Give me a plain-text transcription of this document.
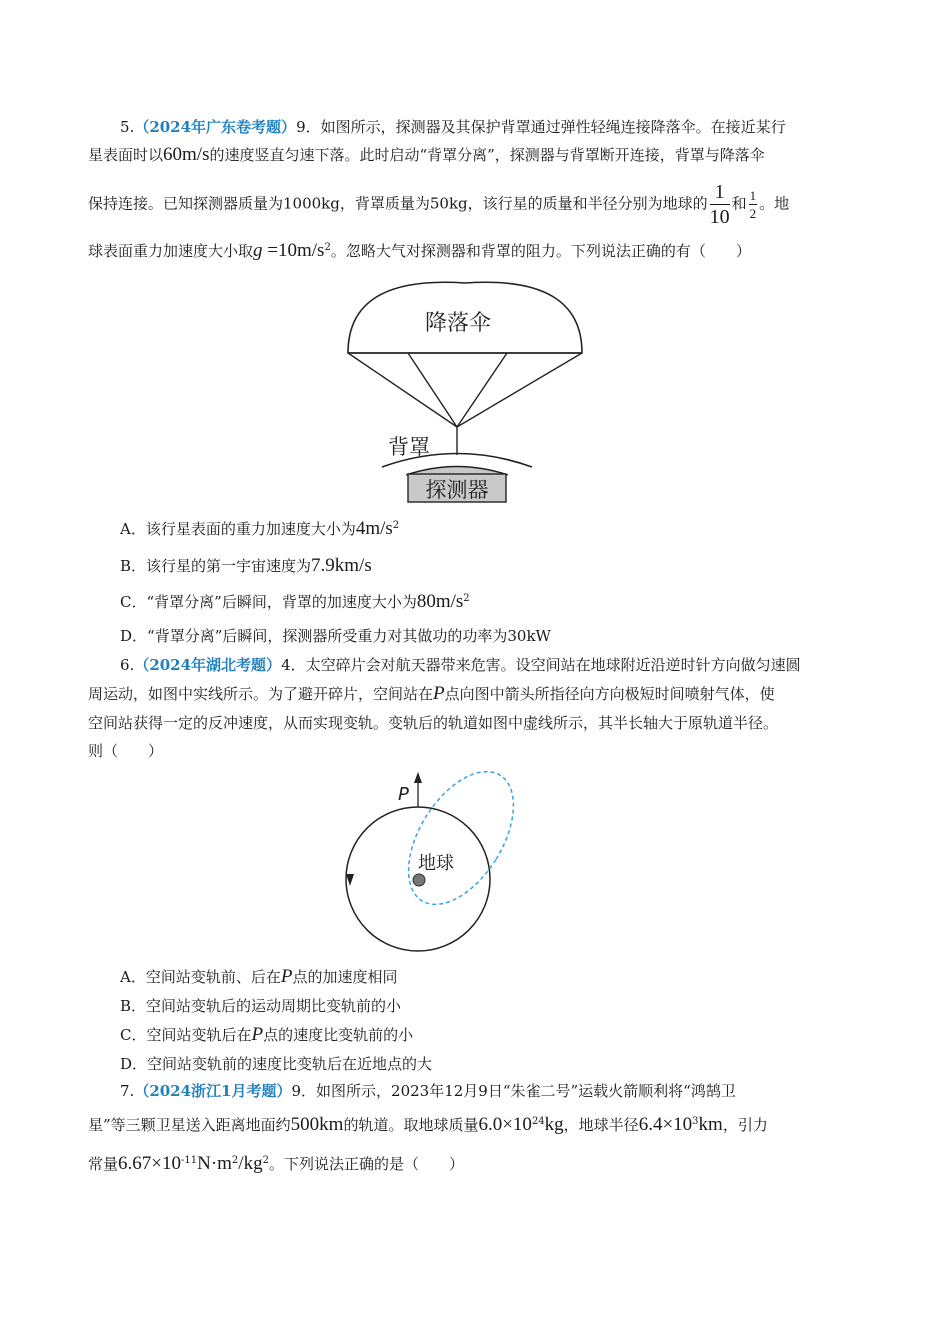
5.（2024年广东卷考题）9．如图所示，探测器及其保护背罩通过弹性轻绳连接降落伞。在接近某行
星表面时以60m/s的速度竖直匀速下落。此时启动“背罩分离”，探测器与背罩断开连接，背罩与降落伞
保持连接。已知探测器质量为1000kg，背罩质量为50kg，该行星的质量和半径分别为地球的 $\frac{1}{10}$ 和 $\frac{1}{2}$ 。地
球表面重力加速度大小取$g =10m/s^2$。忽略大气对探测器和背罩的阻力。下列说法正确的有（　　）
降落伞
背罩
探测器
A．该行星表面的重力加速度大小为$4m/s^2$
B．该行星的第一宇宙速度为7.9km/s
C．“背罩分离”后瞬间，背罩的加速度大小为$80m/s^2$
D．“背罩分离”后瞬间，探测器所受重力对其做功的功率为30kW
6.（2024年湖北考题）4．太空碎片会对航天器带来危害。设空间站在地球附近沿逆时针方向做匀速圆
周运动，如图中实线所示。为了避开碎片，空间站在P点向图中箭头所指径向方向极短时间喷射气体，使
空间站获得一定的反冲速度，从而实现变轨。变轨后的轨道如图中虚线所示，其半长轴大于原轨道半径。
则（　　）
P
地球
A．空间站变轨前、后在P点的加速度相同
B．空间站变轨后的运动周期比变轨前的小
C．空间站变轨后在P点的速度比变轨前的小
D．空间站变轨前的速度比变轨后在近地点的大
7.（2024浙江1月考题）9．如图所示，2023年12月9日“朱雀二号”运载火箭顺利将“鸿鹄卫
星”等三颗卫星送入距离地面约500km的轨道。取地球质量$6.0\times 10^{24}kg$，地球半径$6.4\times 10^3km$，引力
常量$6.67\times 10^{-11}N\cdot m^2/kg^2$。下列说法正确的是（　　）
